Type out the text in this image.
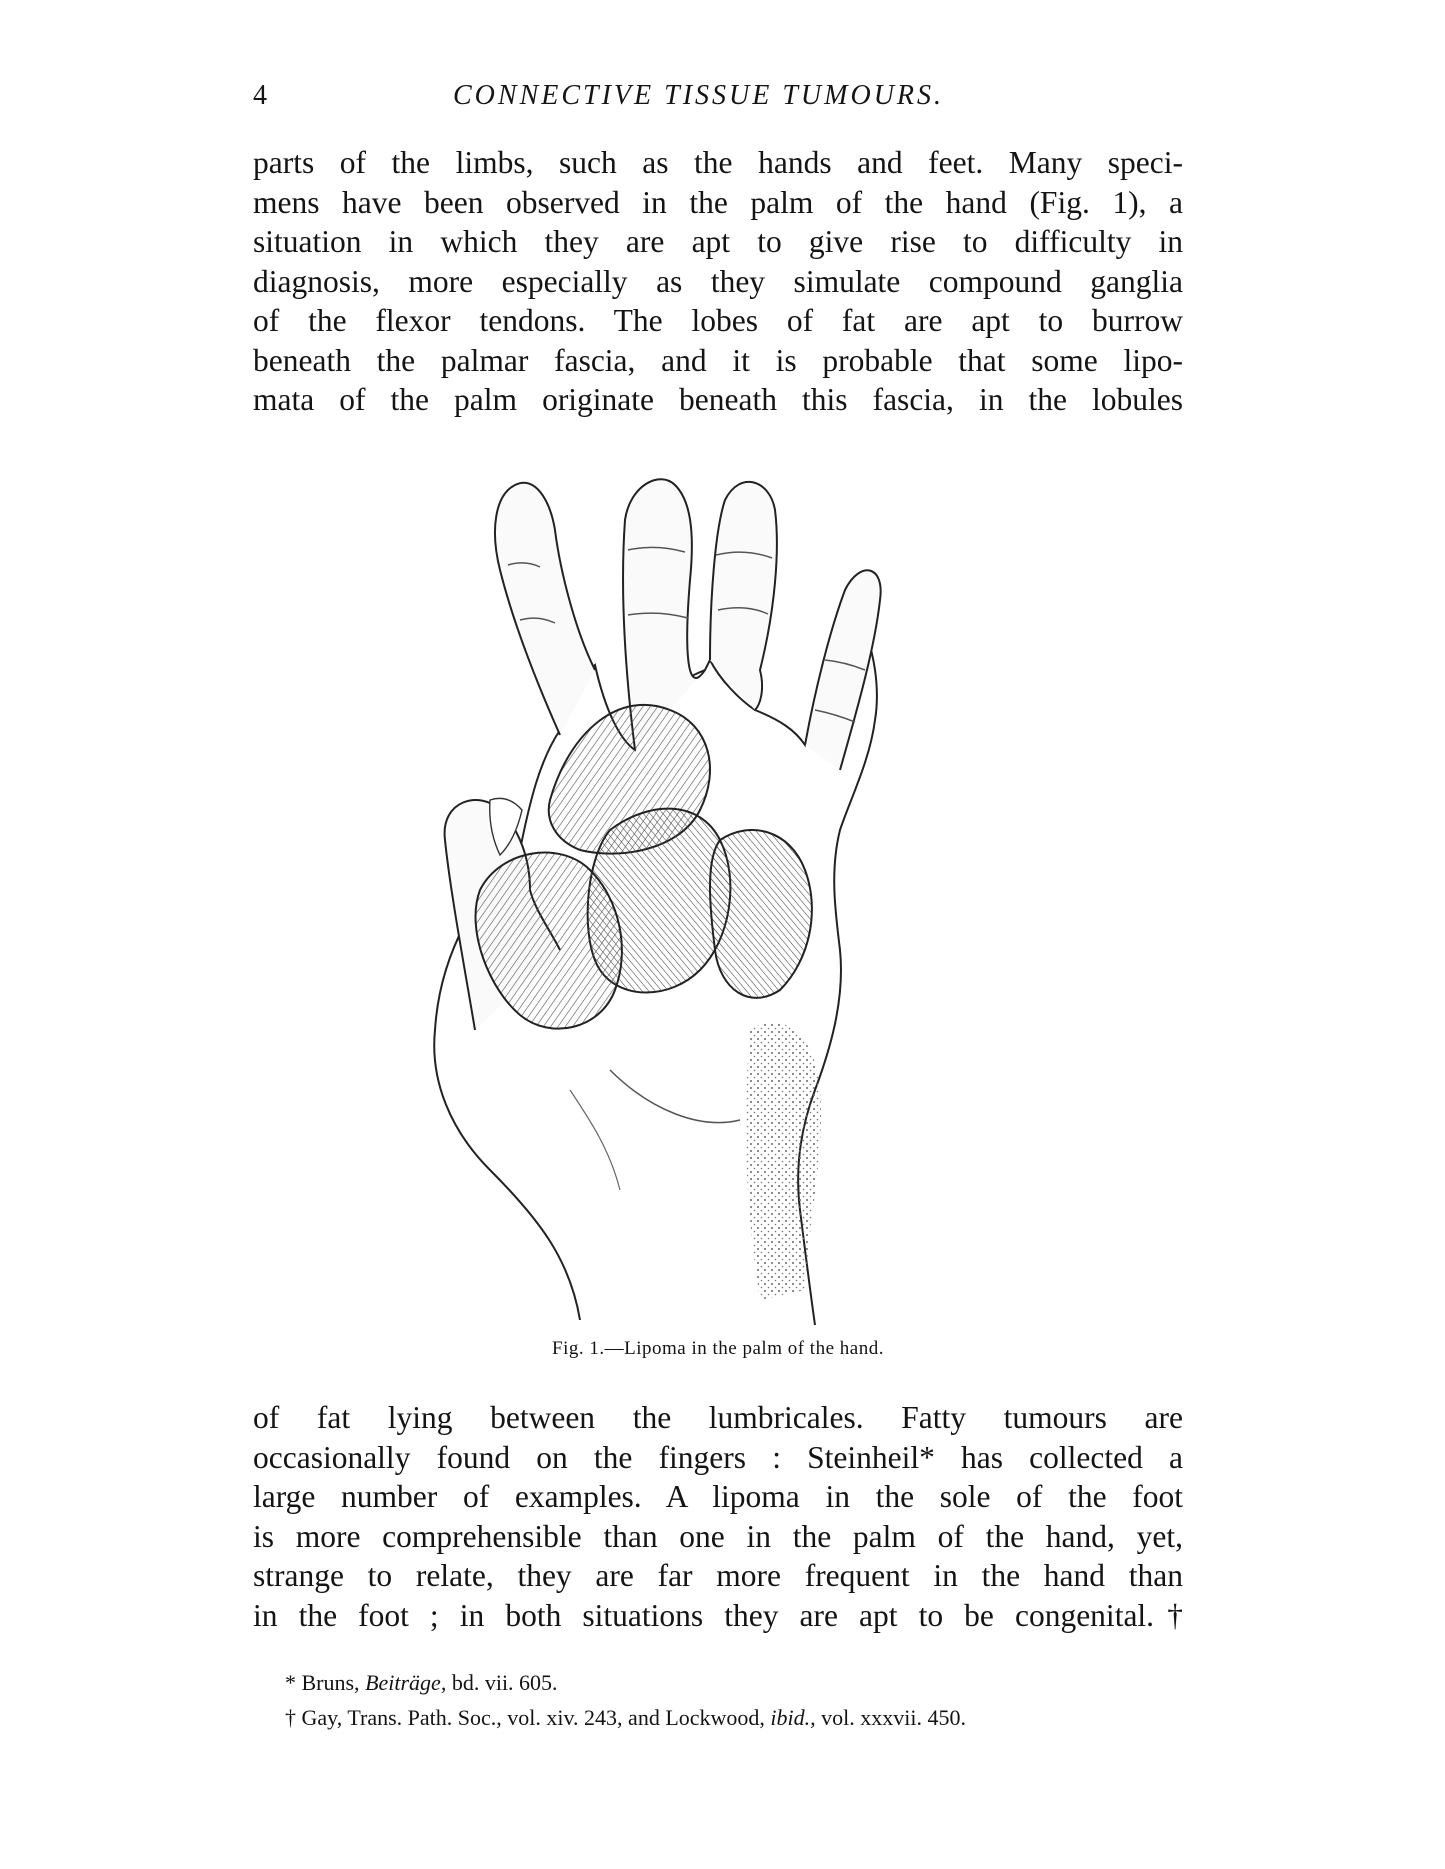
4	CONNECTIVE TISSUE TUMOURS.
parts of the limbs, such as the hands and feet. Many speci-
mens have been observed in the palm of the hand (Fig. 1), a
situation in which they are apt to give rise to difficulty in
diagnosis, more especially as they simulate compound ganglia
of the flexor tendons. The lobes of fat are apt to burrow
beneath the palmar fascia, and it is probable that some lipo-
mata of the palm originate beneath this fascia, in the lobules
Fig. 1.—Lipoma in the palm of the hand.
of fat lying between the lumbricales. Fatty tumours are
occasionally found on the fingers : Steinheil* has collected a
large number of examples. A lipoma in the sole of the foot
is more comprehensible than one in the palm of the hand, yet,
strange to relate, they are far more frequent in the hand than
in the foot ; in both situations they are apt to be congenital.†
* Bruns, Beiträge, bd. vii. 605.
† Gay, Trans. Path. Soc., vol. xiv. 243, and Lockwood, ibid., vol. xxxvii. 450.
